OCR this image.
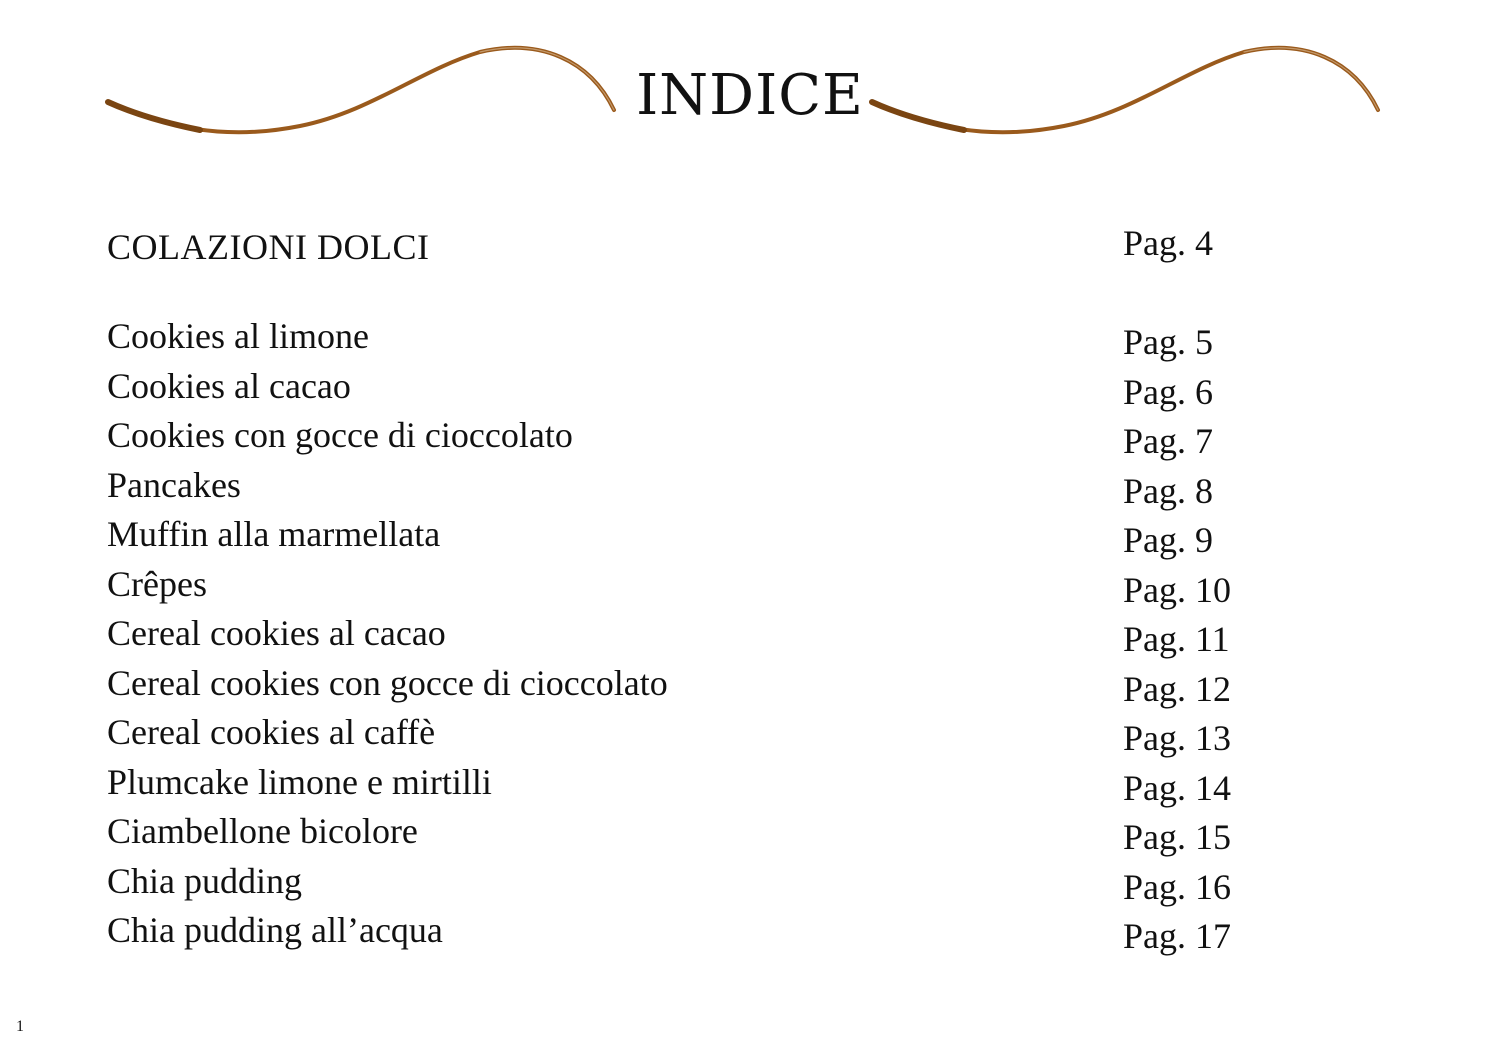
INDICE
COLAZIONI DOLCI	Pag. 4
Cookies al limone	Pag. 5
Cookies al cacao	Pag. 6
Cookies con gocce di cioccolato	Pag. 7
Pancakes	Pag. 8
Muffin alla marmellata	Pag. 9
Crêpes	Pag. 10
Cereal cookies al cacao	Pag. 11
Cereal cookies con gocce di cioccolato	Pag. 12
Cereal cookies al caffè	Pag. 13
Plumcake limone e mirtilli	Pag. 14
Ciambellone bicolore	Pag. 15
Chia pudding	Pag. 16
Chia pudding all’acqua	Pag. 17
1
